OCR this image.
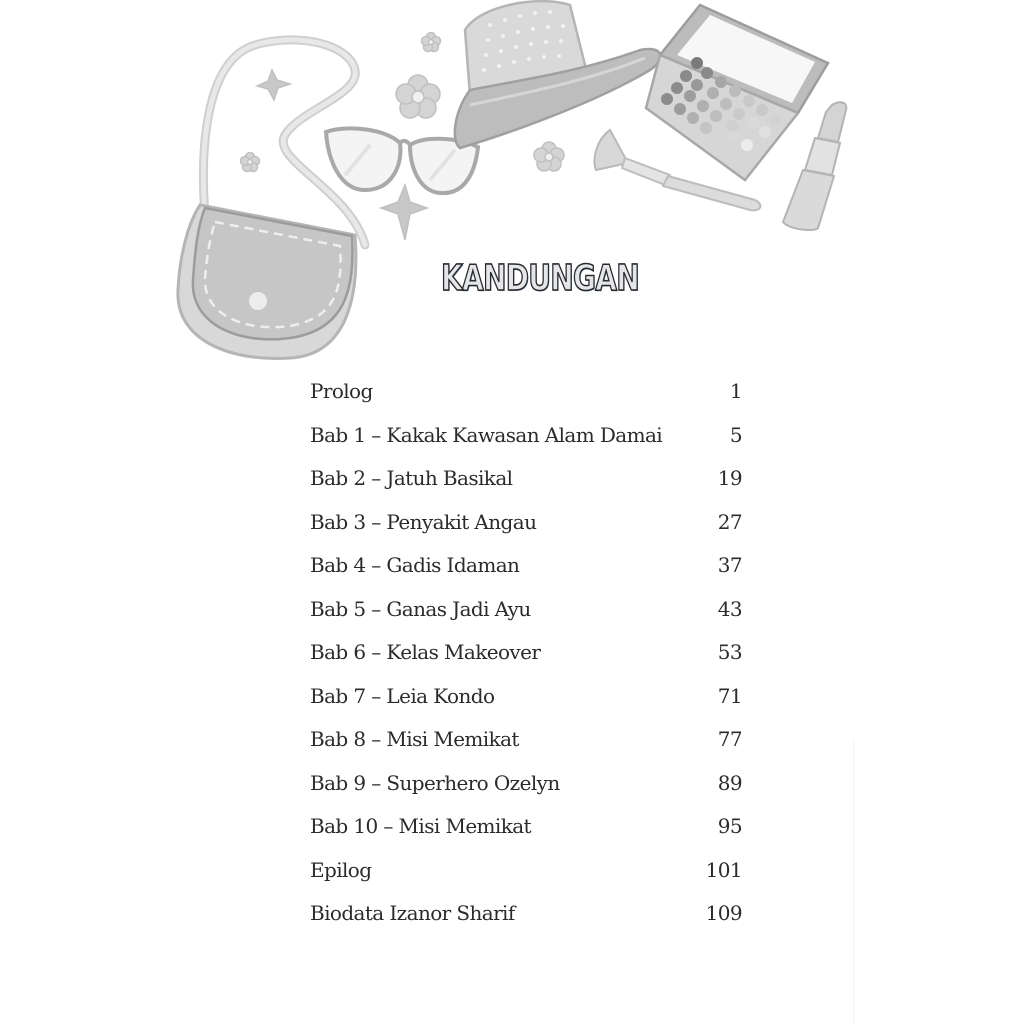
KANDUNGAN
Prolog	1
Bab 1 – Kakak Kawasan Alam Damai	5
Bab 2 – Jatuh Basikal	19
Bab 3 – Penyakit Angau	27
Bab 4 – Gadis Idaman	37
Bab 5 – Ganas Jadi Ayu	43
Bab 6 – Kelas Makeover	53
Bab 7 – Leia Kondo	71
Bab 8 – Misi Memikat	77
Bab 9 – Superhero Ozelyn	89
Bab 10 – Misi Memikat	95
Epilog	101
Biodata Izanor Sharif	109
